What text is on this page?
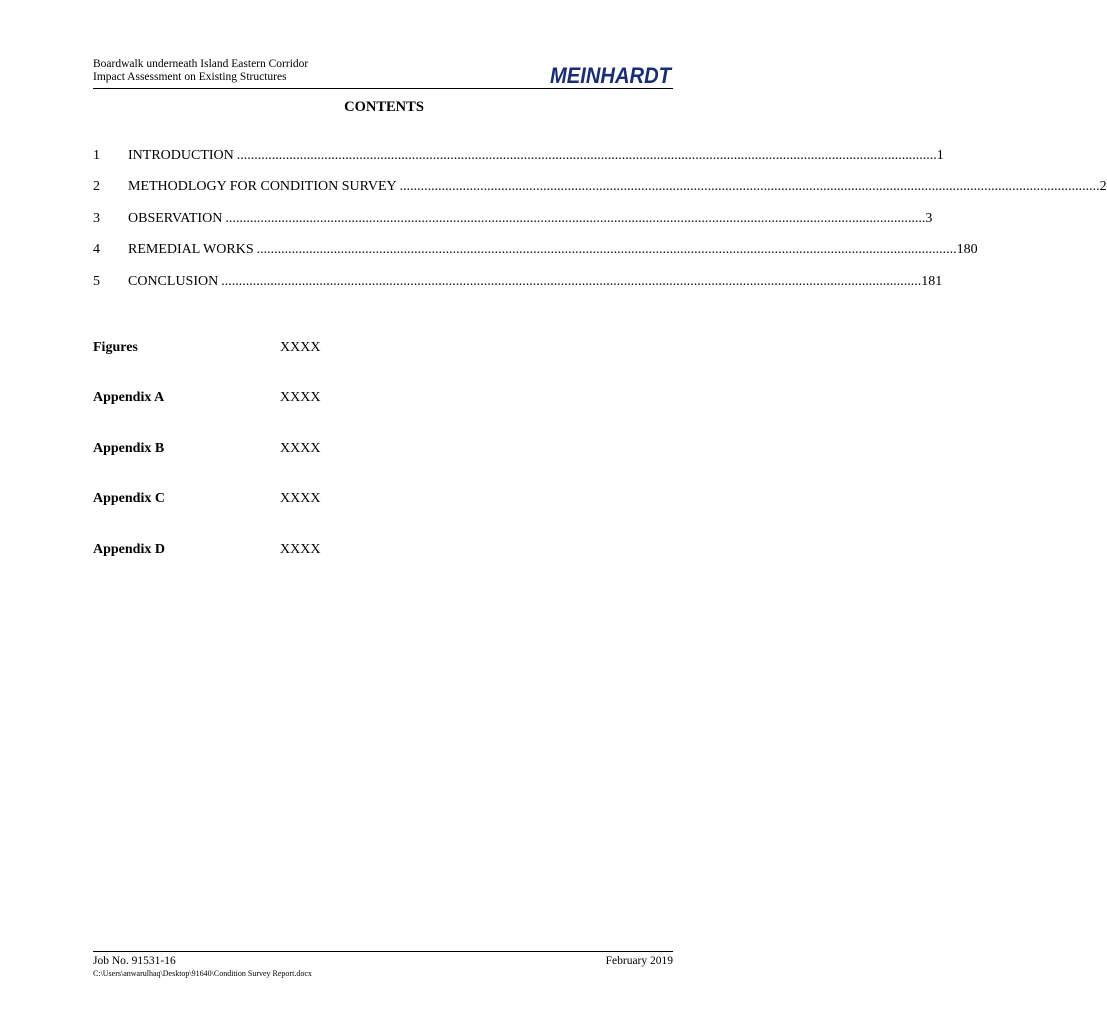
Boardwalk underneath Island Eastern Corridor
Impact Assessment on Existing Structures	MEINHARDT
CONTENTS
1	INTRODUCTION ........................................................................................................................................................................................................ 1
2	METHODLOGY FOR CONDITION SURVEY ........................................................................................................................................................................................................ 2
3	OBSERVATION ........................................................................................................................................................................................................ 3
4	REMEDIAL WORKS ........................................................................................................................................................................................................ 180
5	CONCLUSION ........................................................................................................................................................................................................ 181
Figures	XXXX
Appendix A	XXXX
Appendix B	XXXX
Appendix C	XXXX
Appendix D	XXXX
Job No. 91531-16	February 2019
C:\Users\anwarulhaq\Desktop\91640\Condition Survey Report.docx
